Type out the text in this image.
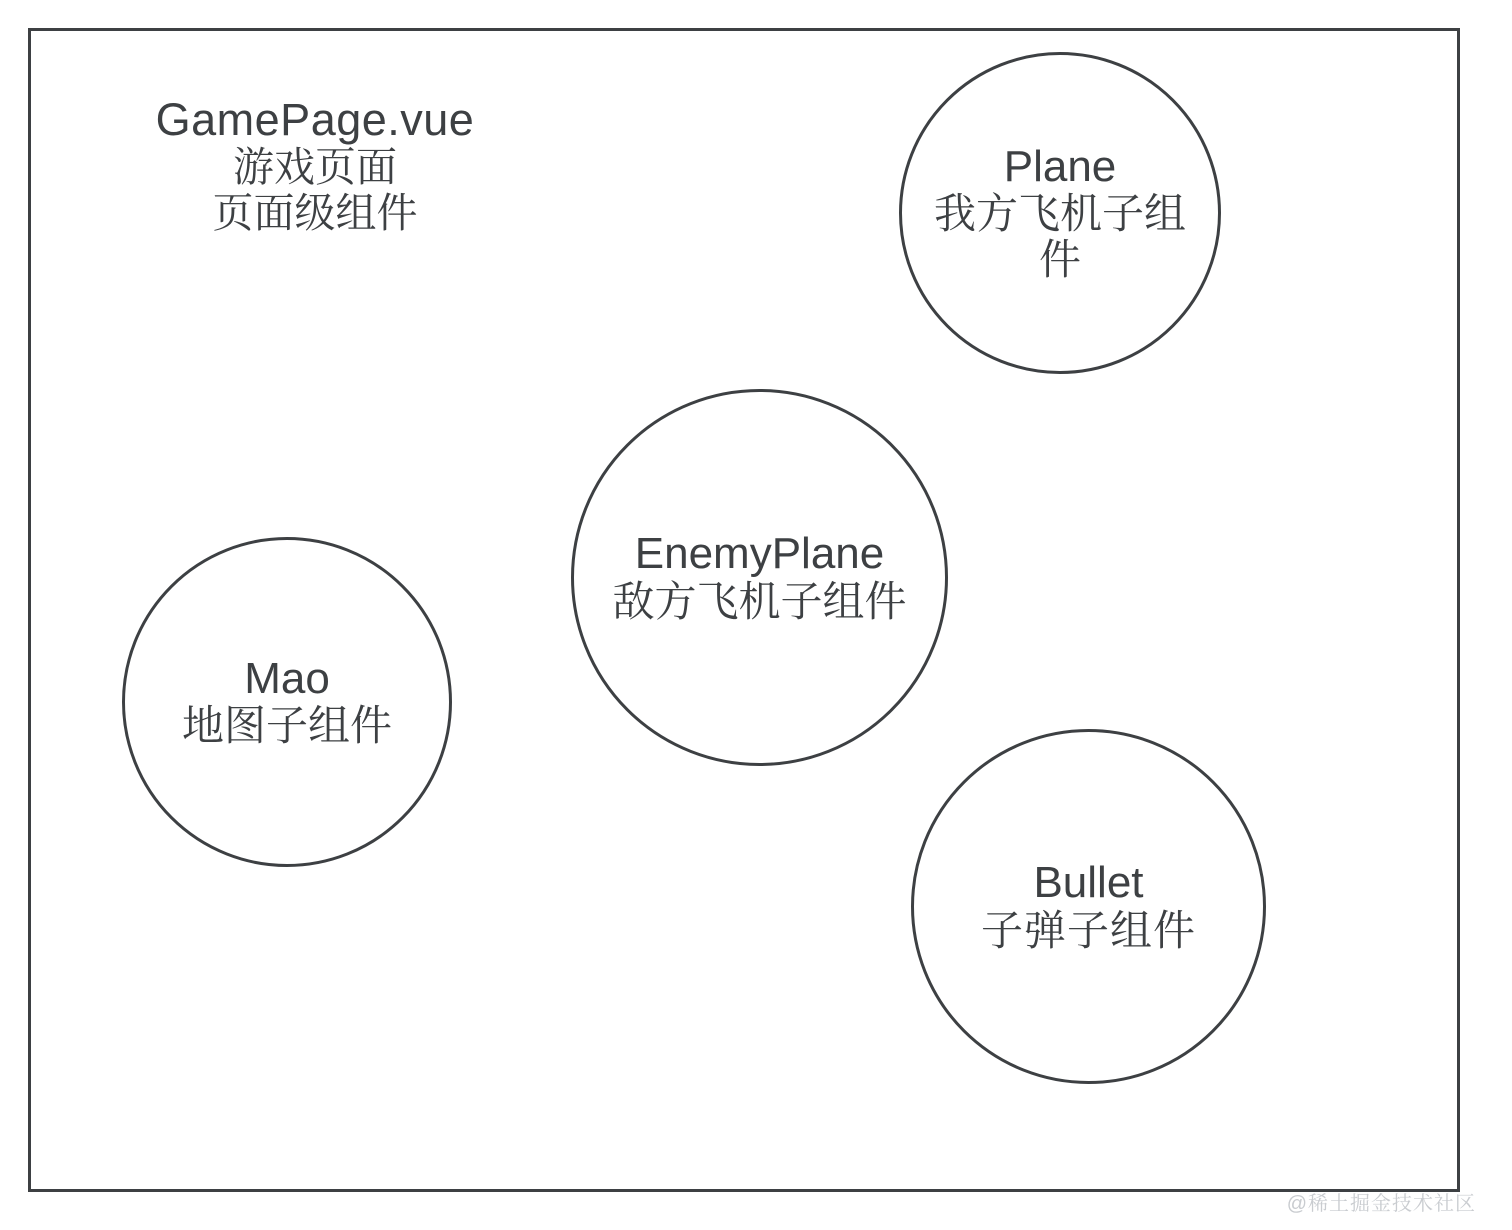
GamePage.vue
游戏页面
页面级组件
Plane
我方飞机子组件
EnemyPlane
敌方飞机子组件
Mao
地图子组件
Bullet
子弹子组件
@稀土掘金技术社区
